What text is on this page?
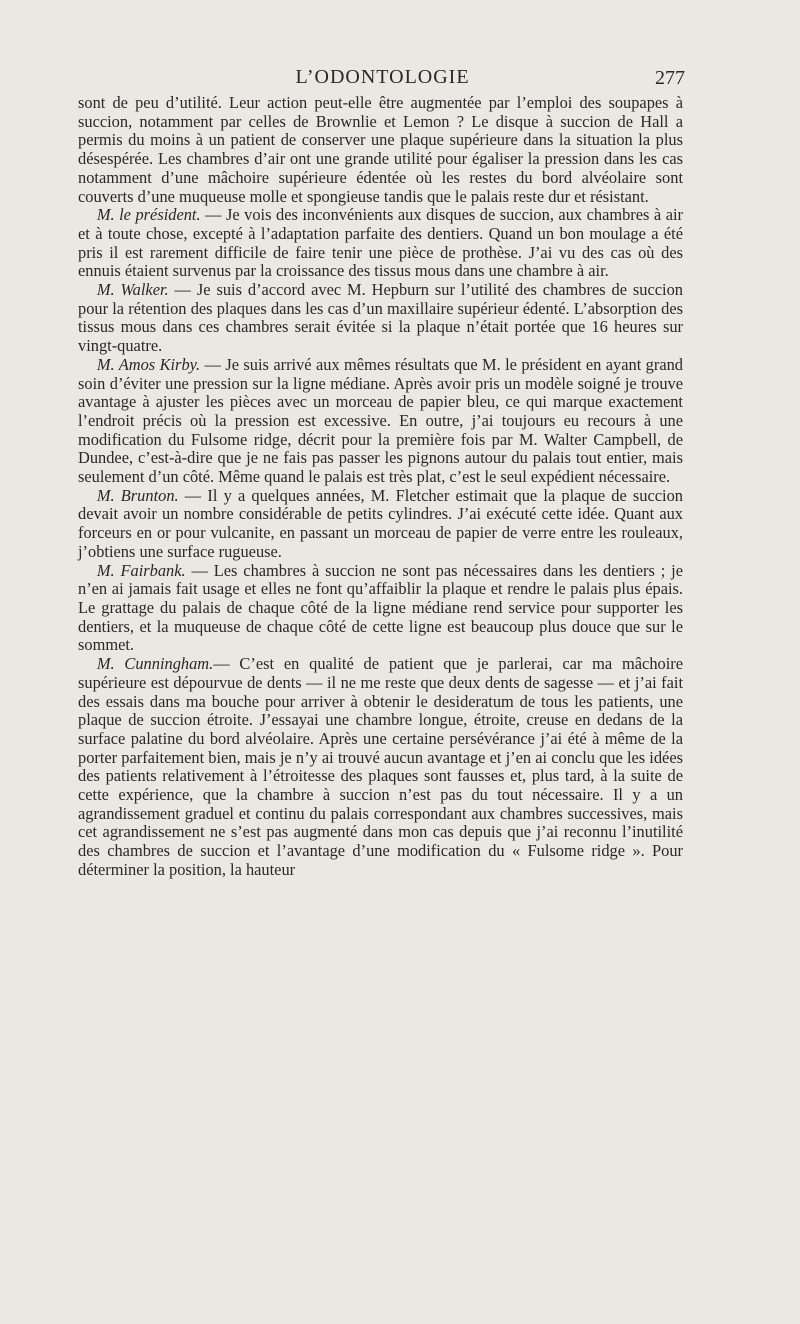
L’ODONTOLOGIE	277

sont de peu d’utilité. Leur action peut-elle être augmentée par l’emploi des soupapes à succion, notamment par celles de Brownlie et Lemon ? Le disque à succion de Hall a permis du moins à un patient de conserver une plaque supérieure dans la situation la plus désespérée. Les chambres d’air ont une grande utilité pour égaliser la pression dans les cas notamment d’une mâchoire supérieure édentée où les restes du bord alvéolaire sont couverts d’une muqueuse molle et spongieuse tandis que le palais reste dur et résistant.

M. le président. — Je vois des inconvénients aux disques de succion, aux chambres à air et à toute chose, excepté à l’adaptation parfaite des dentiers. Quand un bon moulage a été pris il est rarement difficile de faire tenir une pièce de prothèse. J’ai vu des cas où des ennuis étaient survenus par la croissance des tissus mous dans une chambre à air.

M. Walker. — Je suis d’accord avec M. Hepburn sur l’utilité des chambres de succion pour la rétention des plaques dans les cas d’un maxillaire supérieur édenté. L’absorption des tissus mous dans ces chambres serait évitée si la plaque n’était portée que 16 heures sur vingt-quatre.

M. Amos Kirby. — Je suis arrivé aux mêmes résultats que M. le président en ayant grand soin d’éviter une pression sur la ligne médiane. Après avoir pris un modèle soigné je trouve avantage à ajuster les pièces avec un morceau de papier bleu, ce qui marque exactement l’endroit précis où la pression est excessive. En outre, j’ai toujours eu recours à une modification du Fulsome ridge, décrit pour la première fois par M. Walter Campbell, de Dundee, c’est-à-dire que je ne fais pas passer les pignons autour du palais tout entier, mais seulement d’un côté. Même quand le palais est très plat, c’est le seul expédient nécessaire.

M. Brunton. — Il y a quelques années, M. Fletcher estimait que la plaque de succion devait avoir un nombre considérable de petits cylindres. J’ai exécuté cette idée. Quant aux forceurs en or pour vulcanite, en passant un morceau de papier de verre entre les rouleaux, j’obtiens une surface rugueuse.

M. Fairbank. — Les chambres à succion ne sont pas nécessaires dans les dentiers ; je n’en ai jamais fait usage et elles ne font qu’affaiblir la plaque et rendre le palais plus épais. Le grattage du palais de chaque côté de la ligne médiane rend service pour supporter les dentiers, et la muqueuse de chaque côté de cette ligne est beaucoup plus douce que sur le sommet.

M. Cunningham.— C’est en qualité de patient que je parlerai, car ma mâchoire supérieure est dépourvue de dents — il ne me reste que deux dents de sagesse — et j’ai fait des essais dans ma bouche pour arriver à obtenir le desideratum de tous les patients, une plaque de succion étroite. J’essayai une chambre longue, étroite, creuse en dedans de la surface palatine du bord alvéolaire. Après une certaine persévérance j’ai été à même de la porter parfaitement bien, mais je n’y ai trouvé aucun avantage et j’en ai conclu que les idées des patients relativement à l’étroitesse des plaques sont fausses et, plus tard, à la suite de cette expérience, que la chambre à succion n’est pas du tout nécessaire. Il y a un agrandissement graduel et continu du palais correspondant aux chambres successives, mais cet agrandissement ne s’est pas augmenté dans mon cas depuis que j’ai reconnu l’inutilité des chambres de succion et l’avantage d’une modification du « Fulsome ridge ». Pour déterminer la position, la hauteur
